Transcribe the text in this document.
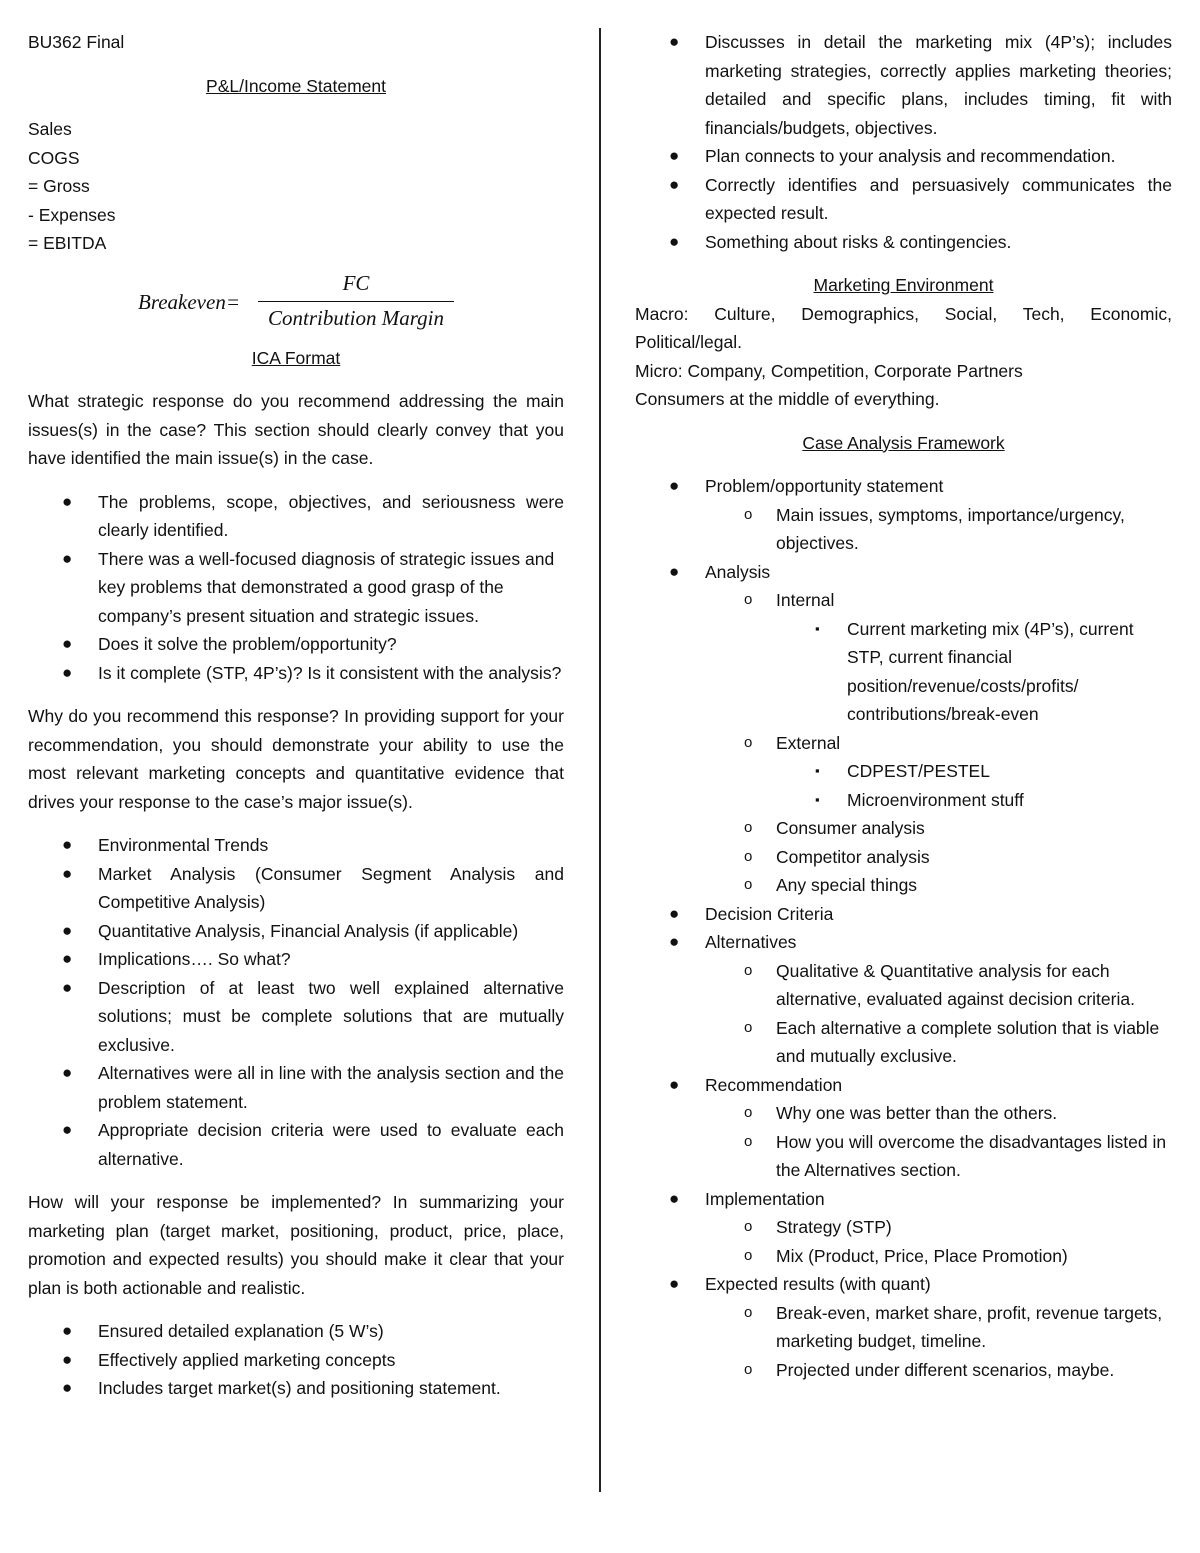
BU362 Final

P&L/Income Statement

Sales

COGS

= Gross

- Expenses

= EBITDA

Breakeven=
FC
Contribution Margin

ICA Format

What strategic response do you recommend addressing the main issues(s) in the case? This section should clearly convey that you have identified the main issue(s) in the case.

● The problems, scope, objectives, and seriousness were clearly identified.
● There was a well-focused diagnosis of strategic issues and key problems that demonstrated a good grasp of the company’s present situation and strategic issues.
● Does it solve the problem/opportunity?
● Is it complete (STP, 4P’s)? Is it consistent with the analysis?

Why do you recommend this response? In providing support for your recommendation, you should demonstrate your ability to use the most relevant marketing concepts and quantitative evidence that drives your response to the case’s major issue(s).

● Environmental Trends
● Market Analysis (Consumer Segment Analysis and Competitive Analysis)
● Quantitative Analysis, Financial Analysis (if applicable)
● Implications…. So what?
● Description of at least two well explained alternative solutions; must be complete solutions that are mutually exclusive.
● Alternatives were all in line with the analysis section and the problem statement.
● Appropriate decision criteria were used to evaluate each alternative.

How will your response be implemented? In summarizing your marketing plan (target market, positioning, product, price, place, promotion and expected results) you should make it clear that your plan is both actionable and realistic.

● Ensured detailed explanation (5 W’s)
● Effectively applied marketing concepts
● Includes target market(s) and positioning statement.
● Discusses in detail the marketing mix (4P’s); includes marketing strategies, correctly applies marketing theories; detailed and specific plans, includes timing, fit with financials/budgets, objectives.
● Plan connects to your analysis and recommendation.
● Correctly identifies and persuasively communicates the expected result.
● Something about risks & contingencies.

Marketing Environment

Macro: Culture, Demographics, Social, Tech, Economic, Political/legal.

Micro: Company, Competition, Corporate Partners

Consumers at the middle of everything.

Case Analysis Framework

● Problem/opportunity statement
o Main issues, symptoms, importance/urgency, objectives.
● Analysis
o Internal
▪ Current marketing mix (4P’s), current STP, current financial position/revenue/costs/profits/ contributions/break-even
o External
▪ CDPEST/PESTEL
▪ Microenvironment stuff
o Consumer analysis
o Competitor analysis
o Any special things
● Decision Criteria
● Alternatives
o Qualitative & Quantitative analysis for each alternative, evaluated against decision criteria.
o Each alternative a complete solution that is viable and mutually exclusive.
● Recommendation
o Why one was better than the others.
o How you will overcome the disadvantages listed in the Alternatives section.
● Implementation
o Strategy (STP)
o Mix (Product, Price, Place Promotion)
● Expected results (with quant)
o Break-even, market share, profit, revenue targets, marketing budget, timeline.
o Projected under different scenarios, maybe.
